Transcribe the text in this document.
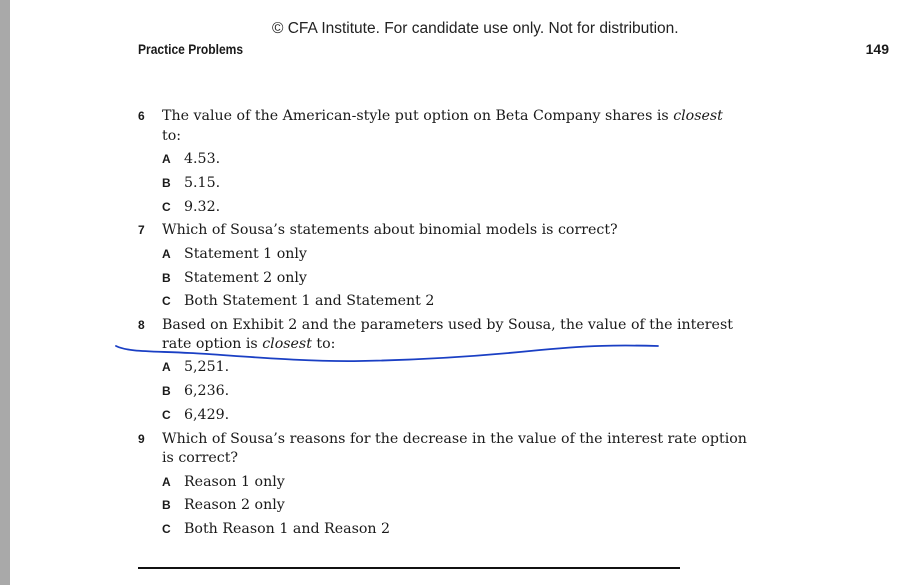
© CFA Institute. For candidate use only. Not for distribution.
Practice Problems	149
6 The value of the American-style put option on Beta Company shares is closest
to:
A 4.53.
B 5.15.
C 9.32.
7 Which of Sousa’s statements about binomial models is correct?
A Statement 1 only
B Statement 2 only
C Both Statement 1 and Statement 2
8 Based on Exhibit 2 and the parameters used by Sousa, the value of the interest
rate option is closest to:
A 5,251.
B 6,236.
C 6,429.
9 Which of Sousa’s reasons for the decrease in the value of the interest rate option
is correct?
A Reason 1 only
B Reason 2 only
C Both Reason 1 and Reason 2
